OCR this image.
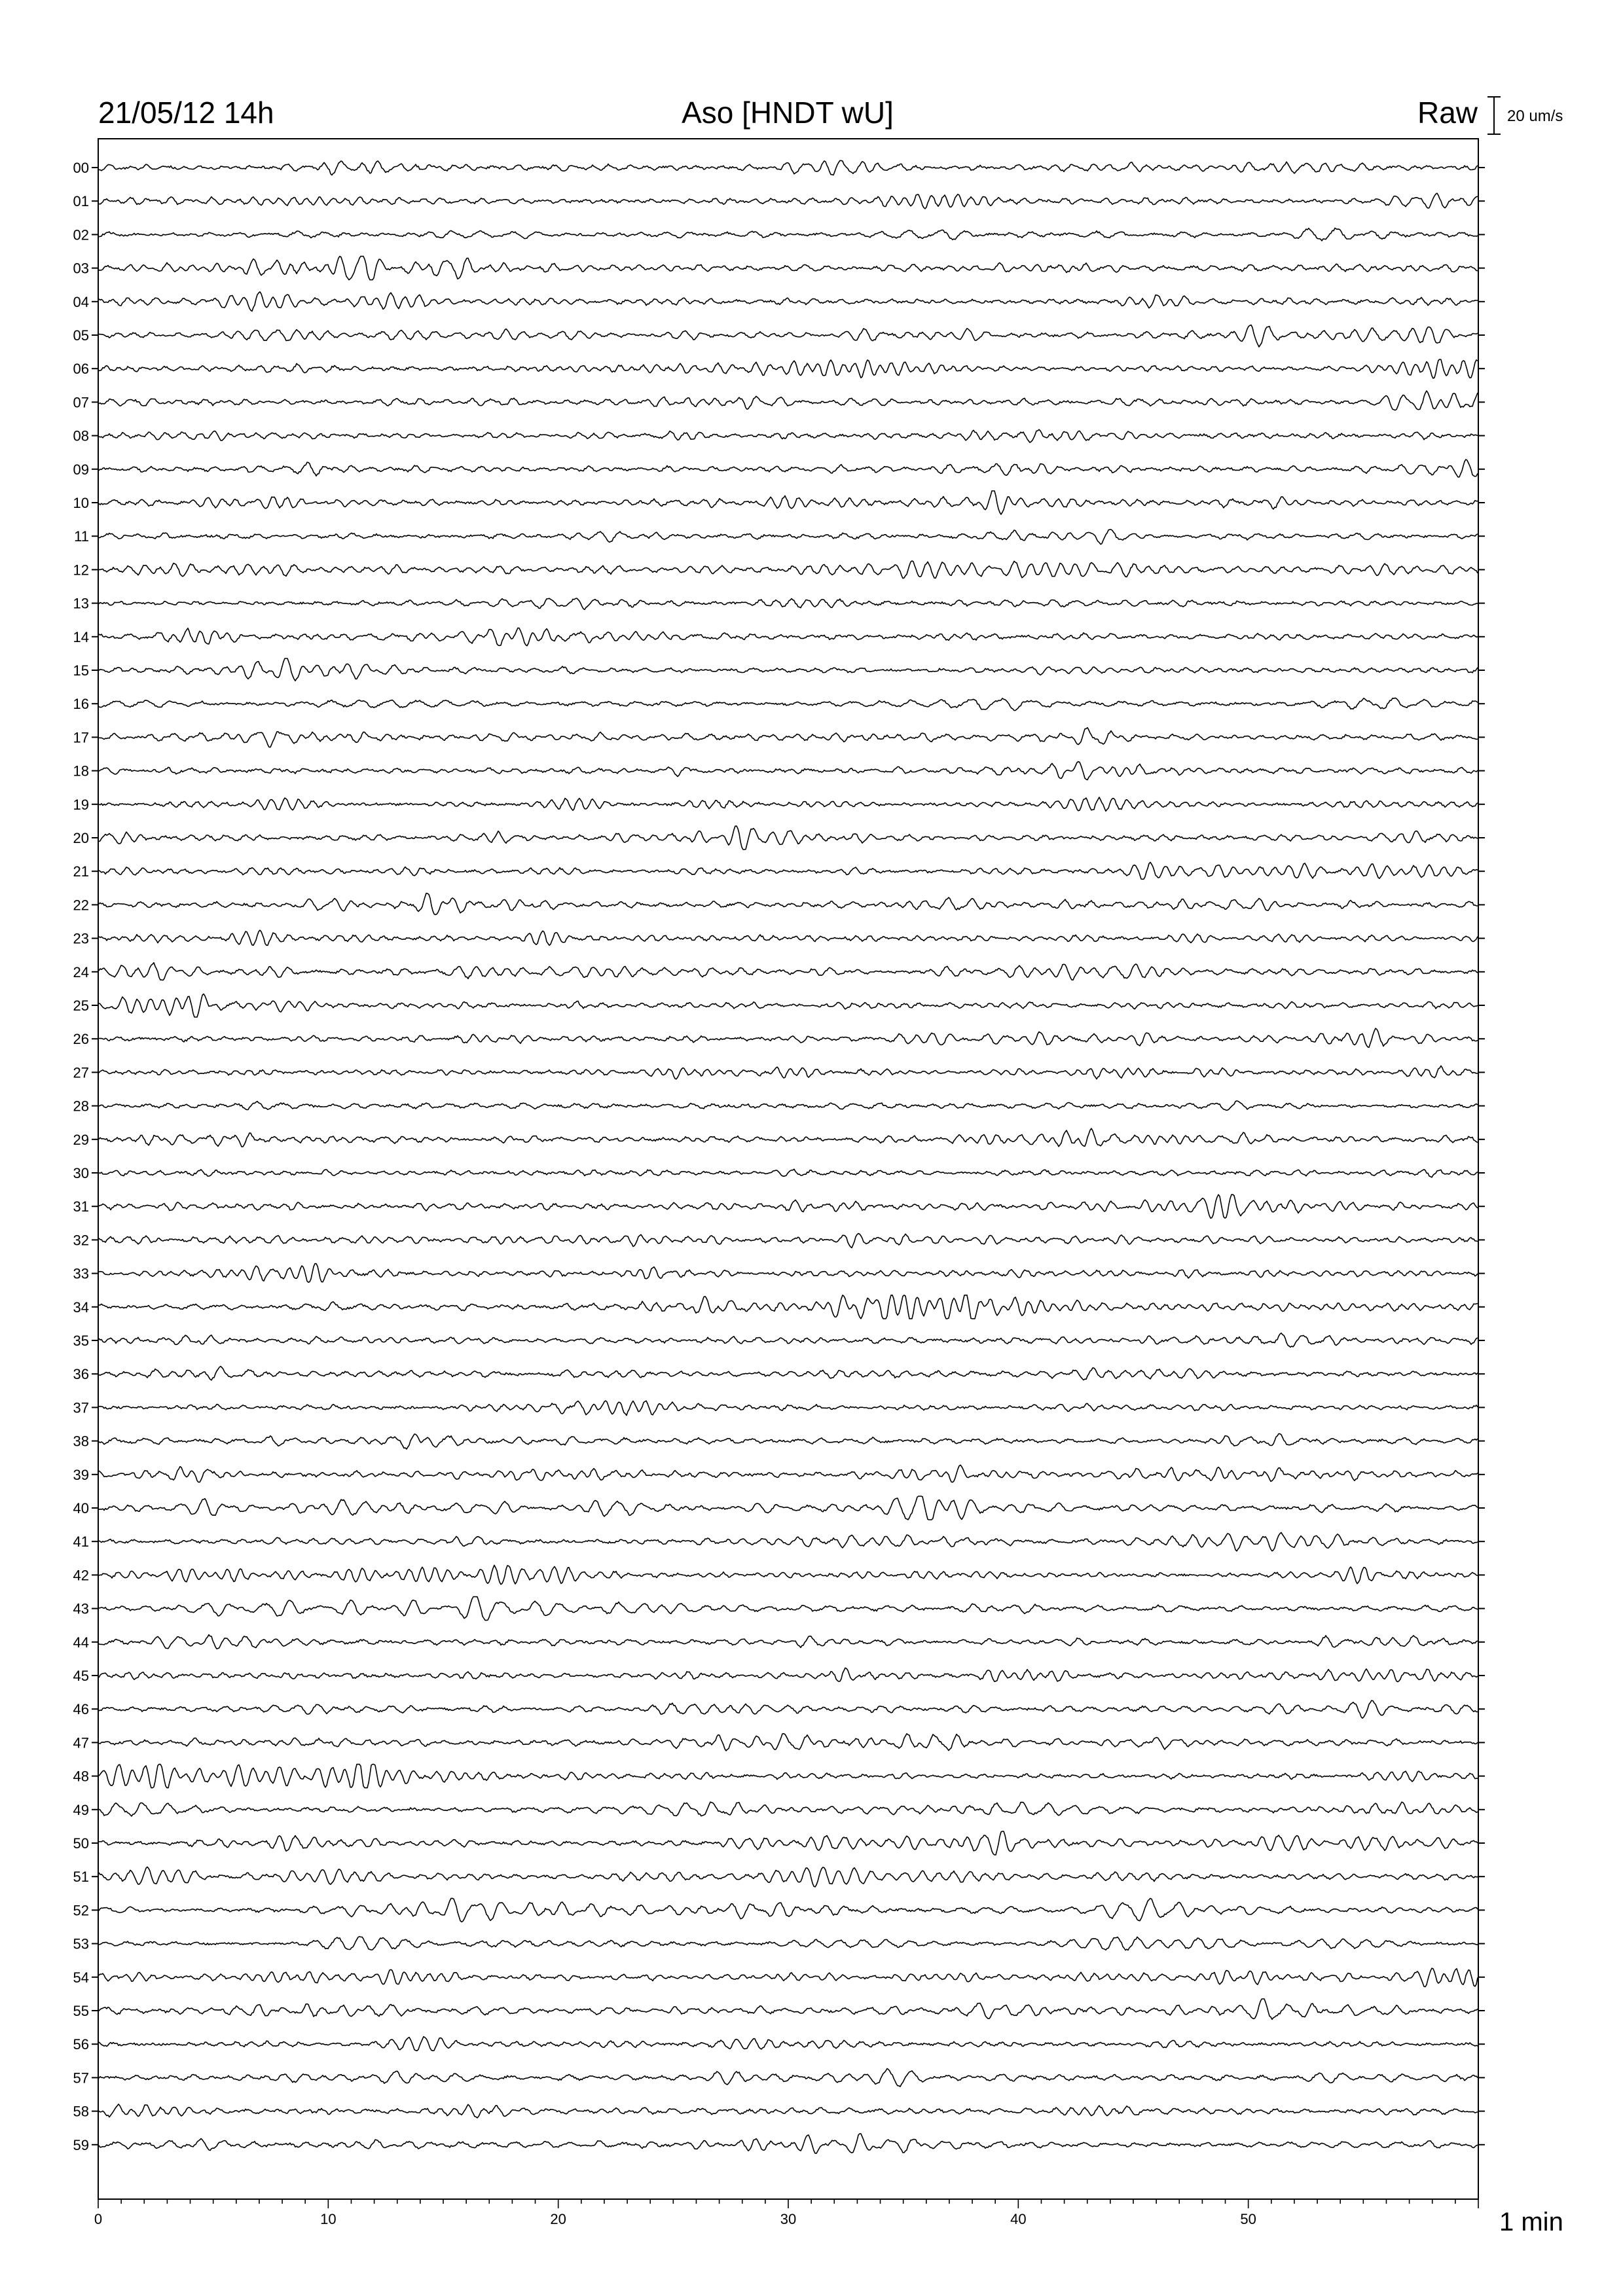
21/05/12 14h	Aso [HNDT wU]	Raw 20 um/s
00
01
02
03
04
05
06
07
08
09
10
11
12
13
14
15
16
17
18
19
20
21
22
23
24
25
26
27
28
29
30
31
32
33
34
35
36
37
38
39
40
41
42
43
44
45
46
47
48
49
50
51
52
53
54
55
56
57
58
59
0	10	20	30	40	50	1 min
